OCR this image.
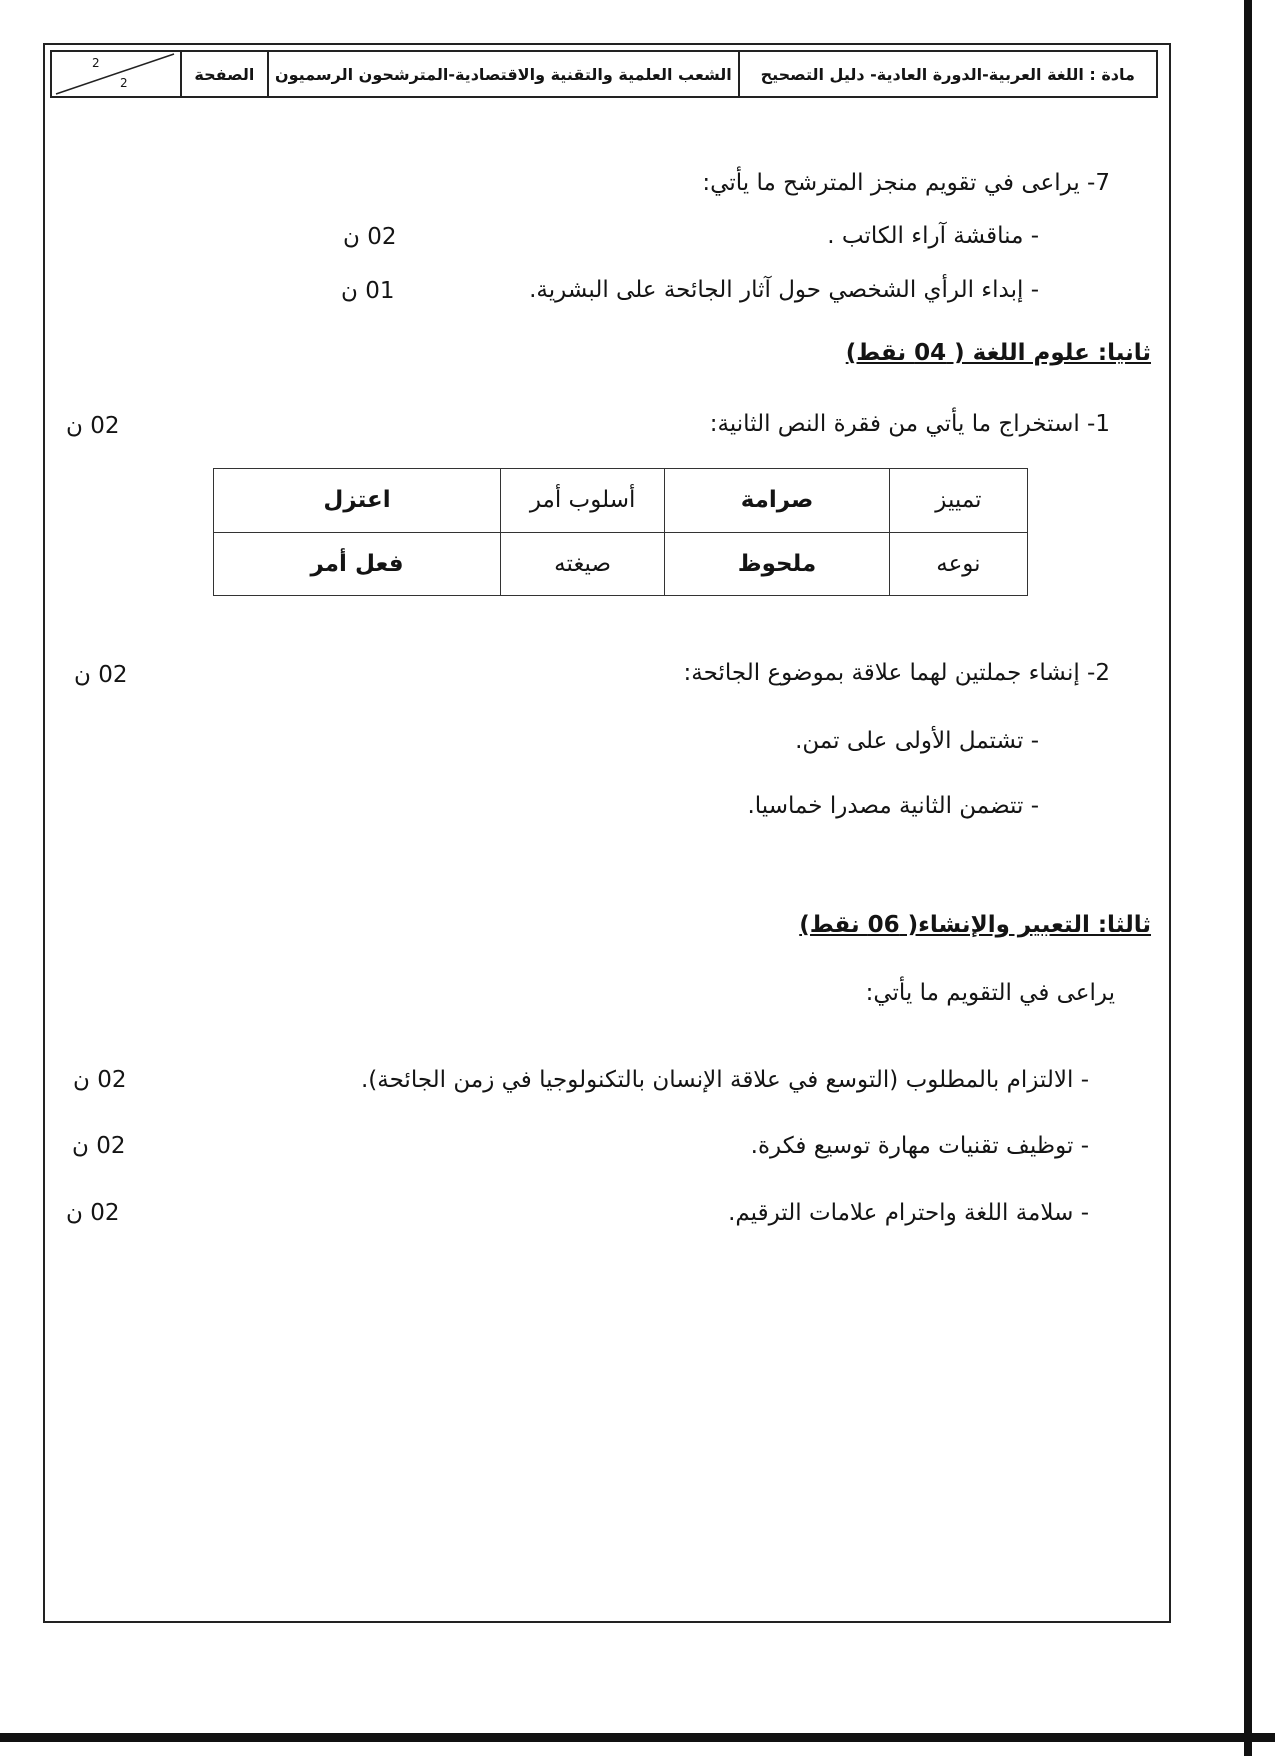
مادة : اللغة العربية-الدورة العادية- دليل التصحيح
الشعب العلمية والتقنية والاقتصادية-المترشحون الرسميون
الصفحة
2
2
7- يراعى في تقويم منجز المترشح ما يأتي:
- مناقشة آراء الكاتب .
02 ن
- إبداء الرأي الشخصي حول آثار الجائحة على البشرية.
01 ن
ثانيا: علوم اللغة ( 04 نقط)
1- استخراج ما يأتي من فقرة النص الثانية:
02 ن
تمييز	صرامة	أسلوب أمر	اعتزل
نوعه	ملحوظ	صيغته	فعل أمر
2- إنشاء جملتين لهما علاقة بموضوع الجائحة:
02 ن
- تشتمل الأولى على تمن.
- تتضمن الثانية مصدرا خماسيا.
ثالثا: التعبير والإنشاء( 06 نقط)
يراعى في التقويم ما يأتي:
- الالتزام بالمطلوب (التوسع في علاقة الإنسان بالتكنولوجيا في زمن الجائحة).
02 ن
- توظيف تقنيات مهارة توسيع فكرة.
02 ن
- سلامة اللغة واحترام علامات الترقيم.
02 ن
